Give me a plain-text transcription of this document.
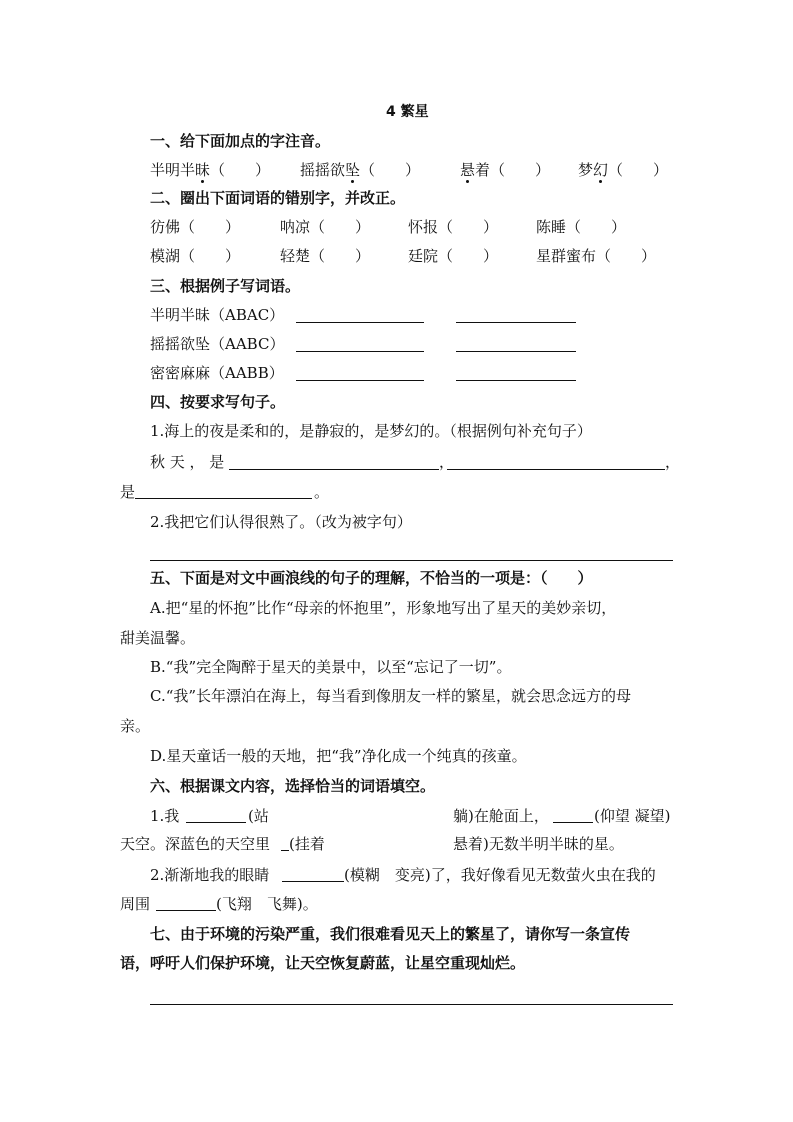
4 繁星
一、给下面加点的字注音。
半明半昧（　　） 摇摇欲坠（　　）	悬着（　　） 梦幻（　　）
二、圈出下面词语的错别字，并改正。
彷佛（　　）	呐凉（　　）	怀报（　　）	陈睡（　　）
模湖（　　）	轻楚（　　）	廷院（　　）	星群蜜布（　　）
三、根据例子写词语。
半明半昧（ABAC）
摇摇欲坠（AABC）
密密麻麻（AABB）
四、按要求写句子。
1.海上的夜是柔和的，是静寂的，是梦幻的。（根据例句补充句子）
秋 天 ， 是	，	，
是	。
2.我把它们认得很熟了。（改为被字句）
五、下面是对文中画浪线的句子的理解，不恰当的一项是：（　　）
A.把“星的怀抱”比作“母亲的怀抱里”，形象地写出了星天的美妙亲切，
甜美温馨。
B.“我”完全陶醉于星天的美景中，以至“忘记了一切”。
C.“我”长年漂泊在海上，每当看到像朋友一样的繁星，就会思念远方的母
亲。
D.星天童话一般的天地，把“我”净化成一个纯真的孩童。
六、根据课文内容，选择恰当的词语填空。
1.我	(站	躺)在舱面上，	(仰望 凝望)
天空。深蓝色的天空里 (挂着	悬着)无数半明半昧的星。
2.渐渐地我的眼睛	(模糊　变亮)了，我好像看见无数萤火虫在我的
周围	(飞翔　飞舞)。
七、由于环境的污染严重，我们很难看见天上的繁星了，请你写一条宣传
语，呼吁人们保护环境，让天空恢复蔚蓝，让星空重现灿烂。
